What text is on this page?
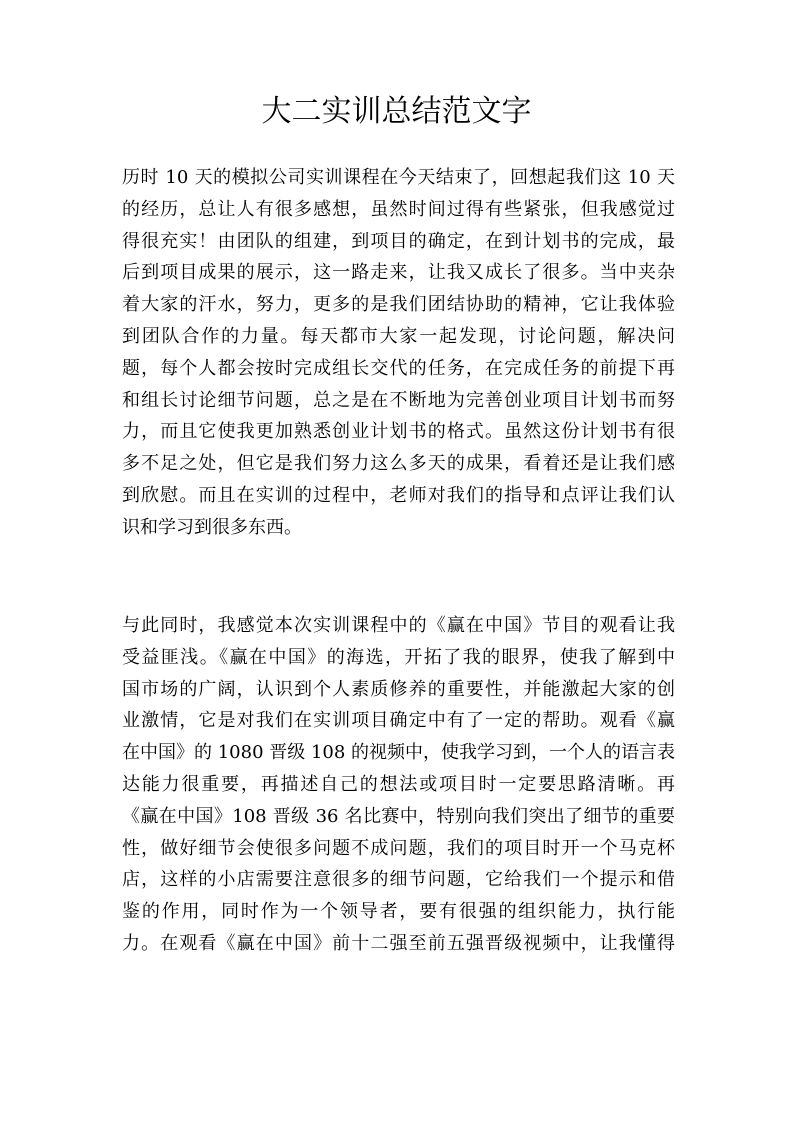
大二实训总结范文字
历时 10 天的模拟公司实训课程在今天结束了，回想起我们这 10 天
的经历，总让人有很多感想，虽然时间过得有些紧张，但我感觉过
得很充实！由团队的组建，到项目的确定，在到计划书的完成，最
后到项目成果的展示，这一路走来，让我又成长了很多。当中夹杂
着大家的汗水，努力，更多的是我们团结协助的精神，它让我体验
到团队合作的力量。每天都市大家一起发现，讨论问题，解决问
题，每个人都会按时完成组长交代的任务，在完成任务的前提下再
和组长讨论细节问题，总之是在不断地为完善创业项目计划书而努
力，而且它使我更加熟悉创业计划书的格式。虽然这份计划书有很
多不足之处，但它是我们努力这么多天的成果，看着还是让我们感
到欣慰。而且在实训的过程中，老师对我们的指导和点评让我们认
识和学习到很多东西。
与此同时，我感觉本次实训课程中的《赢在中国》节目的观看让我
受益匪浅。《赢在中国》的海选，开拓了我的眼界，使我了解到中
国市场的广阔，认识到个人素质修养的重要性，并能激起大家的创
业激情，它是对我们在实训项目确定中有了一定的帮助。观看《赢
在中国》的 1080 晋级 108 的视频中，使我学习到，一个人的语言表
达能力很重要，再描述自己的想法或项目时一定要思路清晰。再
《赢在中国》108 晋级 36 名比赛中，特别向我们突出了细节的重要
性，做好细节会使很多问题不成问题，我们的项目时开一个马克杯
店，这样的小店需要注意很多的细节问题，它给我们一个提示和借
鉴的作用，同时作为一个领导者，要有很强的组织能力，执行能
力。在观看《赢在中国》前十二强至前五强晋级视频中，让我懂得
